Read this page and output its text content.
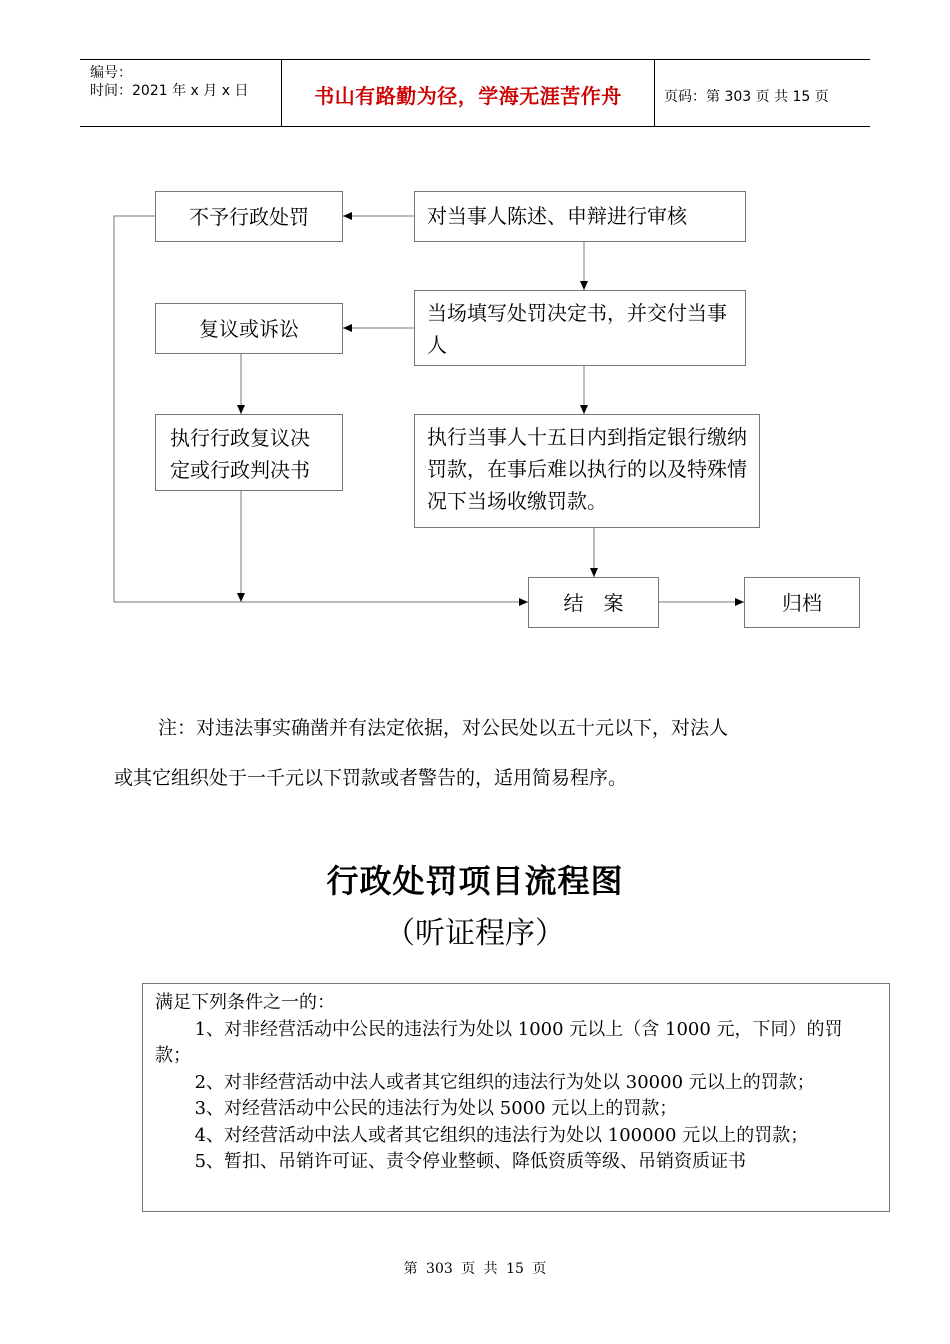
编号：
时间：2021 年 x 月 x 日	书山有路勤为径，学海无涯苦作舟	页码：第 303 页 共 15 页
不予行政处罚	对当事人陈述、申辩进行审核
复议或诉讼
当场填写处罚决定书，并交付当事人
执行行政复议决定或行政判决书
执行当事人十五日内到指定银行缴纳罚款，在事后难以执行的以及特殊情况下当场收缴罚款。
结　案	归档
注：对违法事实确凿并有法定依据，对公民处以五十元以下，对法人
或其它组织处于一千元以下罚款或者警告的，适用简易程序。
行政处罚项目流程图
（听证程序）

满足下列条件之一的：

1、对非经营活动中公民的违法行为处以 1000 元以上（含 1000 元，下同）的罚款；

2、对非经营活动中法人或者其它组织的违法行为处以 30000 元以上的罚款；

3、对经营活动中公民的违法行为处以 5000 元以上的罚款；

4、对经营活动中法人或者其它组织的违法行为处以 100000 元以上的罚款；

5、暂扣、吊销许可证、责令停业整顿、降低资质等级、吊销资质证书

第 303 页 共 15 页
